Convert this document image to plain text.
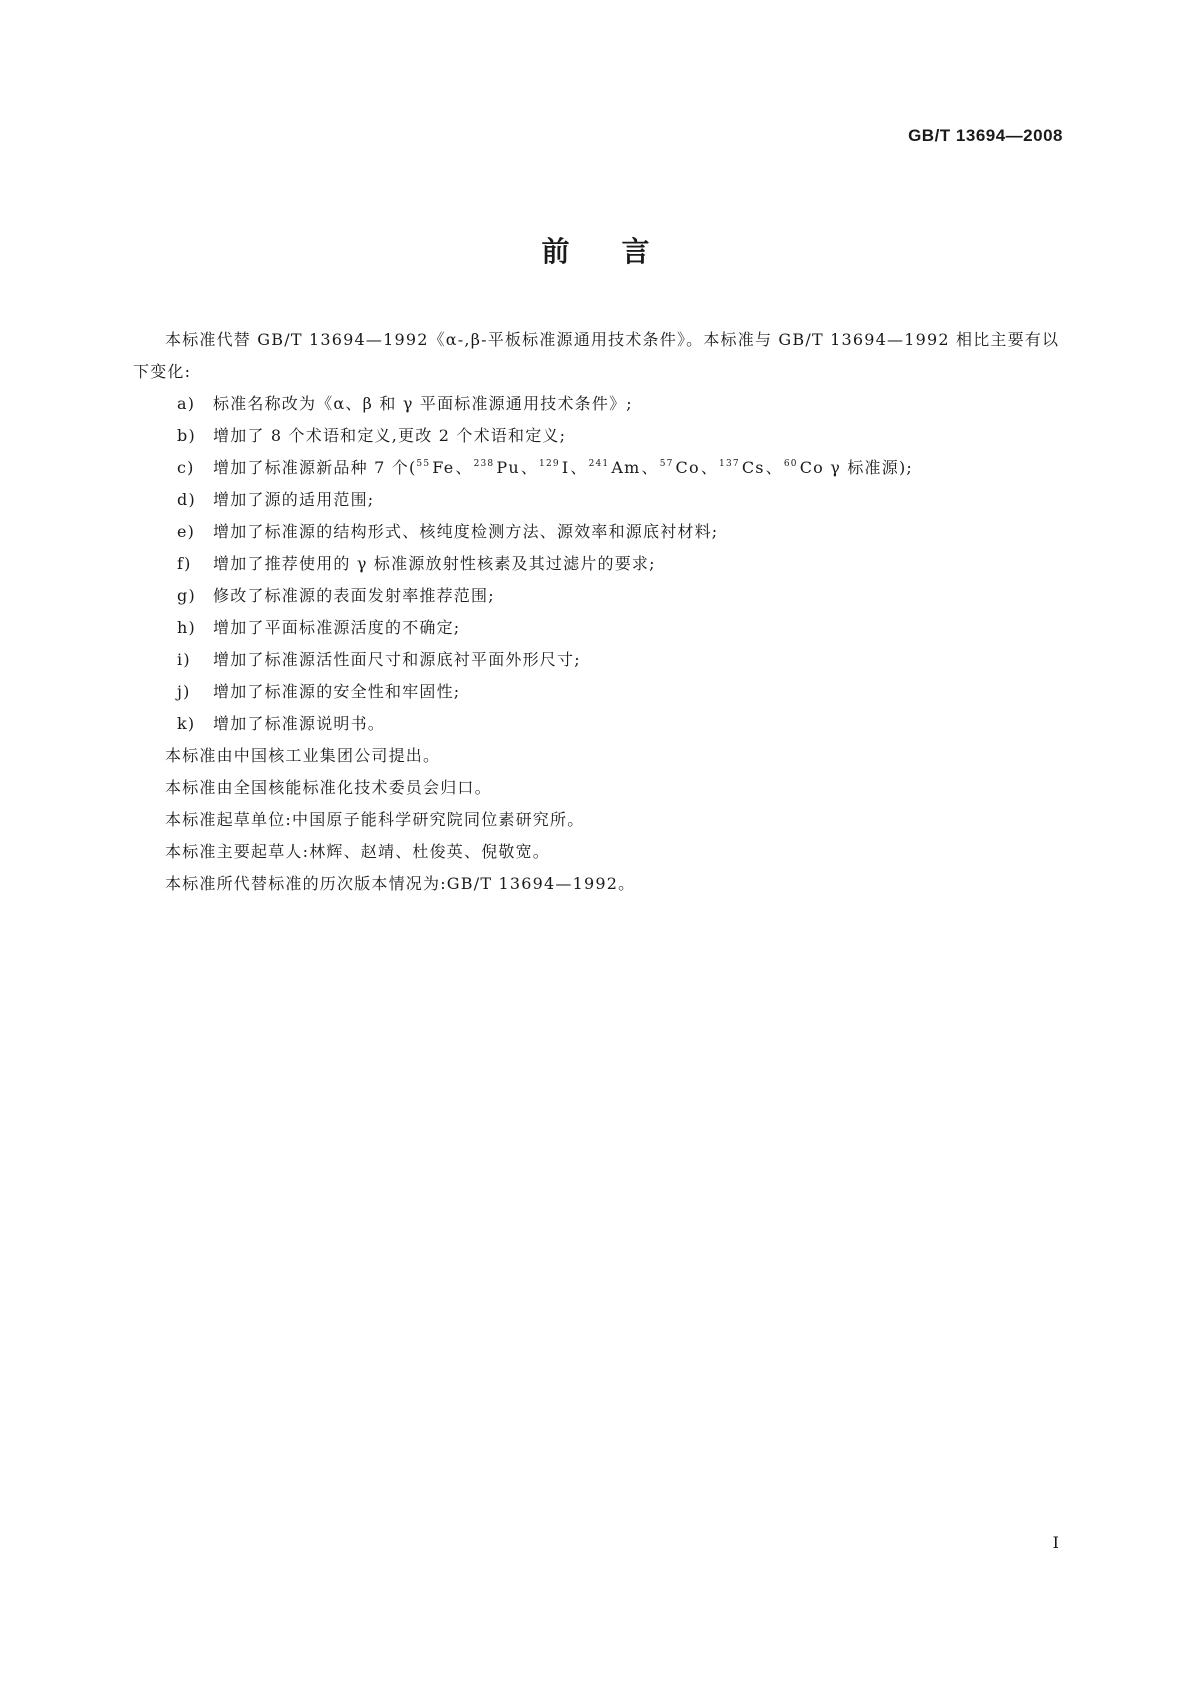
GB/T 13694—2008
前言

本标准代替 GB/T 13694—1992《α-,β-平板标准源通用技术条件》。本标准与 GB/T 13694—1992 相比主要有以下变化:

a) 标准名称改为《α、β 和 γ 平面标准源通用技术条件》;
b) 增加了 8 个术语和定义,更改 2 个术语和定义;
c) 增加了标准源新品种 7 个($^{55}$ Fe、$^{238}$ Pu、$^{129}$ I、$^{241}$ Am、$^{57}$ Co、$^{137}$ Cs、$^{60}$ Co γ 标准源);
d) 增加了源的适用范围;
e) 增加了标准源的结构形式、核纯度检测方法、源效率和源底衬材料;
f) 增加了推荐使用的 γ 标准源放射性核素及其过滤片的要求;
g) 修改了标准源的表面发射率推荐范围;
h) 增加了平面标准源活度的不确定;
i) 增加了标准源活性面尺寸和源底衬平面外形尺寸;
j) 增加了标准源的安全性和牢固性;
k) 增加了标准源说明书。

本标准由中国核工业集团公司提出。

本标准由全国核能标准化技术委员会归口。

本标准起草单位:中国原子能科学研究院同位素研究所。

本标准主要起草人:林辉、赵靖、杜俊英、倪敬宽。

本标准所代替标准的历次版本情况为:GB/T 13694—1992。

I
